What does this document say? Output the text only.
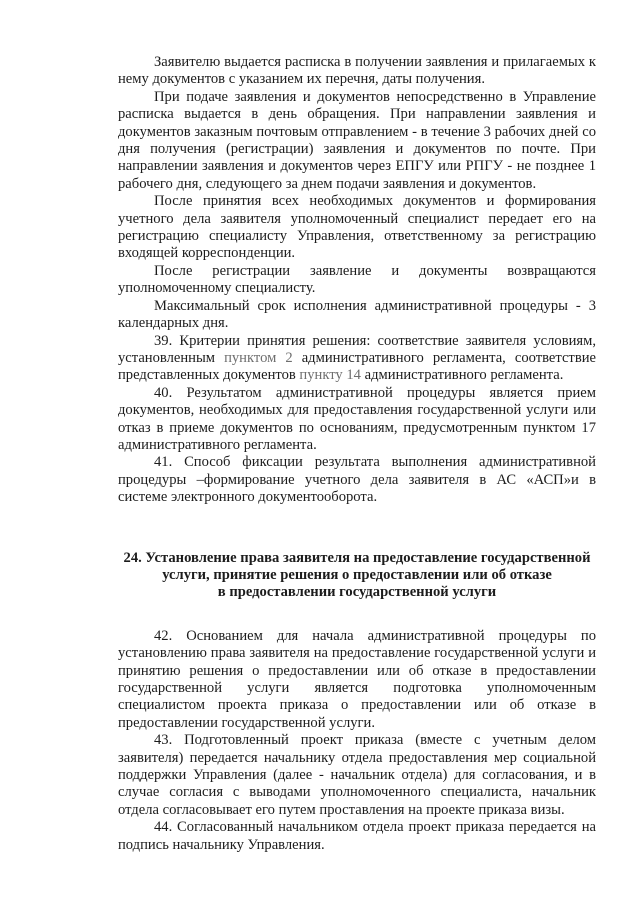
Заявителю выдается расписка в получении заявления и прилагаемых к нему документов с указанием их перечня, даты получения.

При подаче заявления и документов непосредственно в Управление расписка выдается в день обращения. При направлении заявления и документов заказным почтовым отправлением - в течение 3 рабочих дней со дня получения (регистрации) заявления и документов по почте. При направлении заявления и документов через ЕПГУ или РПГУ - не позднее 1 рабочего дня, следующего за днем подачи заявления и документов.

После принятия всех необходимых документов и формирования учетного дела заявителя уполномоченный специалист передает его на регистрацию специалисту Управления, ответственному за регистрацию входящей корреспонденции.

После регистрации заявление и документы возвращаются уполномоченному специалисту.

Максимальный срок исполнения административной процедуры - 3 календарных дня.

39. Критерии принятия решения: соответствие заявителя условиям, установленным пунктом 2 административного регламента, соответствие представленных документов пункту 14 административного регламента.

40. Результатом административной процедуры является прием документов, необходимых для предоставления государственной услуги или отказ в приеме документов по основаниям, предусмотренным пунктом 17 административного регламента.

41. Способ фиксации результата выполнения административной процедуры –формирование учетного дела заявителя в АС «АСП»и в системе электронного документооборота.

24. Установление права заявителя на предоставление государственной
услуги, принятие решения о предоставлении или об отказе
в предоставлении государственной услуги

42. Основанием для начала административной процедуры по установлению права заявителя на предоставление государственной услуги и принятию решения о предоставлении или об отказе в предоставлении государственной услуги является подготовка уполномоченным специалистом проекта приказа о предоставлении или об отказе в предоставлении государственной услуги.

43. Подготовленный проект приказа (вместе с учетным делом заявителя) передается начальнику отдела предоставления мер социальной поддержки Управления (далее - начальник отдела) для согласования, и в случае согласия с выводами уполномоченного специалиста, начальник отдела согласовывает его путем проставления на проекте приказа визы.

44. Согласованный начальником отдела проект приказа передается на подпись начальнику Управления.
